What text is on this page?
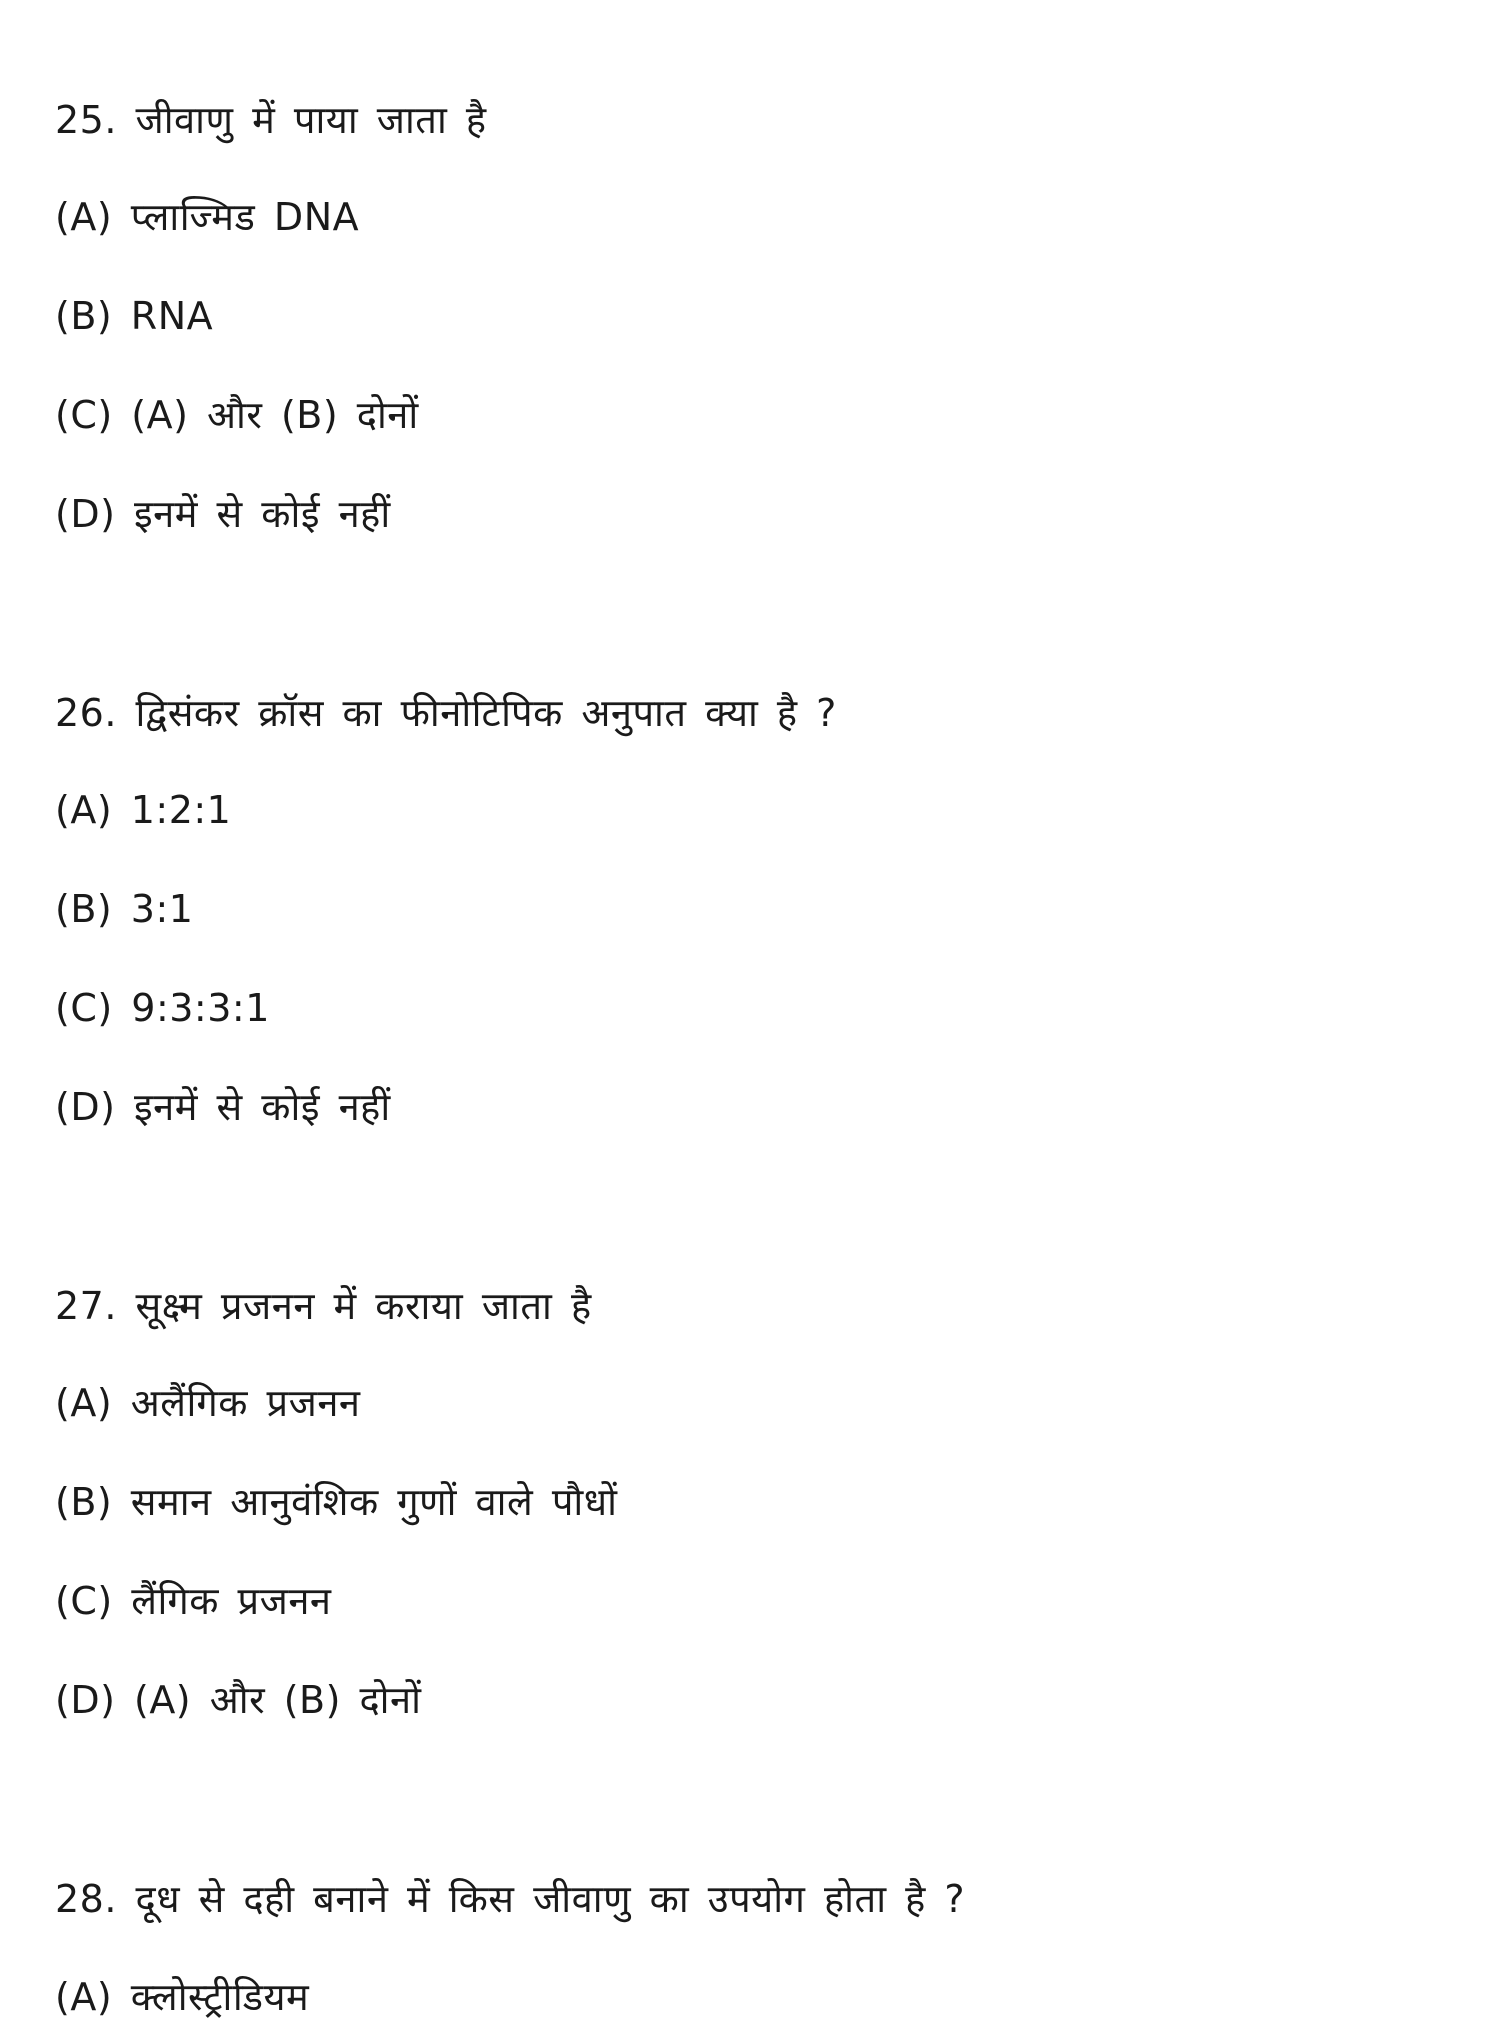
25. जीवाणु में पाया जाता है
(A) प्लाज्मिड DNA
(B) RNA
(C) (A) और (B) दोनों
(D) इनमें से कोई नहीं
26. द्विसंकर क्रॉस का फीनोटिपिक अनुपात क्या है ?
(A) 1:2:1
(B) 3:1
(C) 9:3:3:1
(D) इनमें से कोई नहीं
27. सूक्ष्म प्रजनन में कराया जाता है
(A) अलैंगिक प्रजनन
(B) समान आनुवंशिक गुणों वाले पौधों
(C) लैंगिक प्रजनन
(D) (A) और (B) दोनों
28. दूध से दही बनाने में किस जीवाणु का उपयोग होता है ?
(A) क्लोस्ट्रीडियम
